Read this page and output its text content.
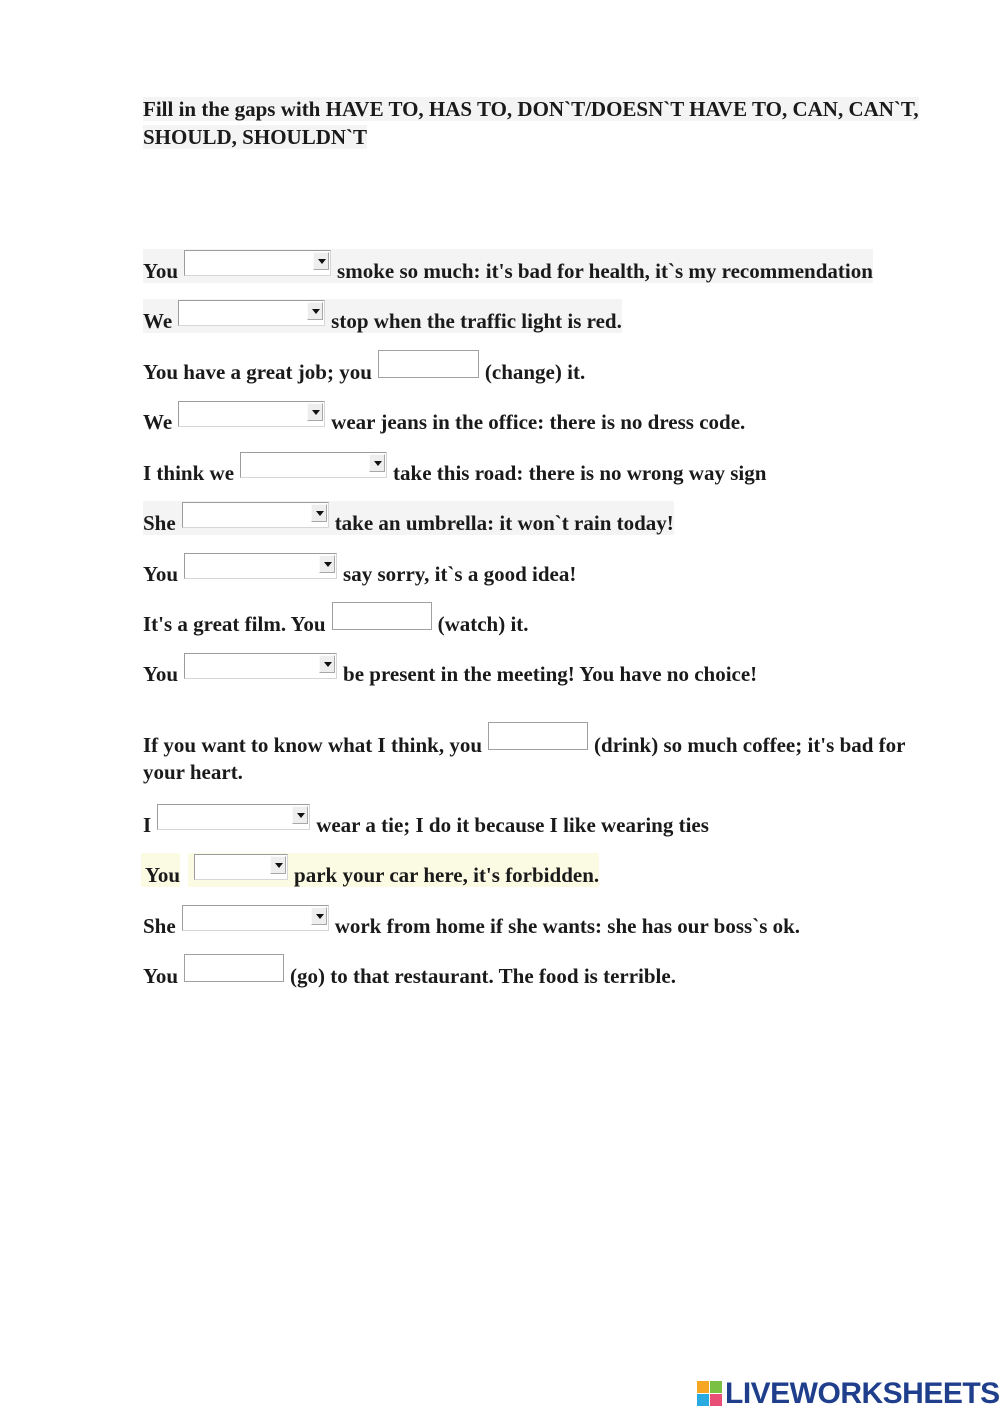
Fill in the gaps with HAVE TO, HAS TO, DON`T/DOESN`T HAVE TO, CAN, CAN`T, SHOULD, SHOULDN`T
You	smoke so much: it's bad for health, it`s my recommendation
We	stop when the traffic light is red.
You have a great job; you	(change) it.
We	wear jeans in the office: there is no dress code.
I think we	take this road: there is no wrong way sign
She	take an umbrella: it won`t rain today!
You	say sorry, it`s a good idea!
It's a great film. You	(watch) it.
You	be present in the meeting! You have no choice!
If you want to know what I think, you	(drink) so much coffee; it's bad for your heart.
I	wear a tie; I do it because I like wearing ties
You	park your car here, it's forbidden.
She	work from home if she wants: she has our boss`s ok.
You	(go) to that restaurant. The food is terrible.
LIVEWORKSHEETS
